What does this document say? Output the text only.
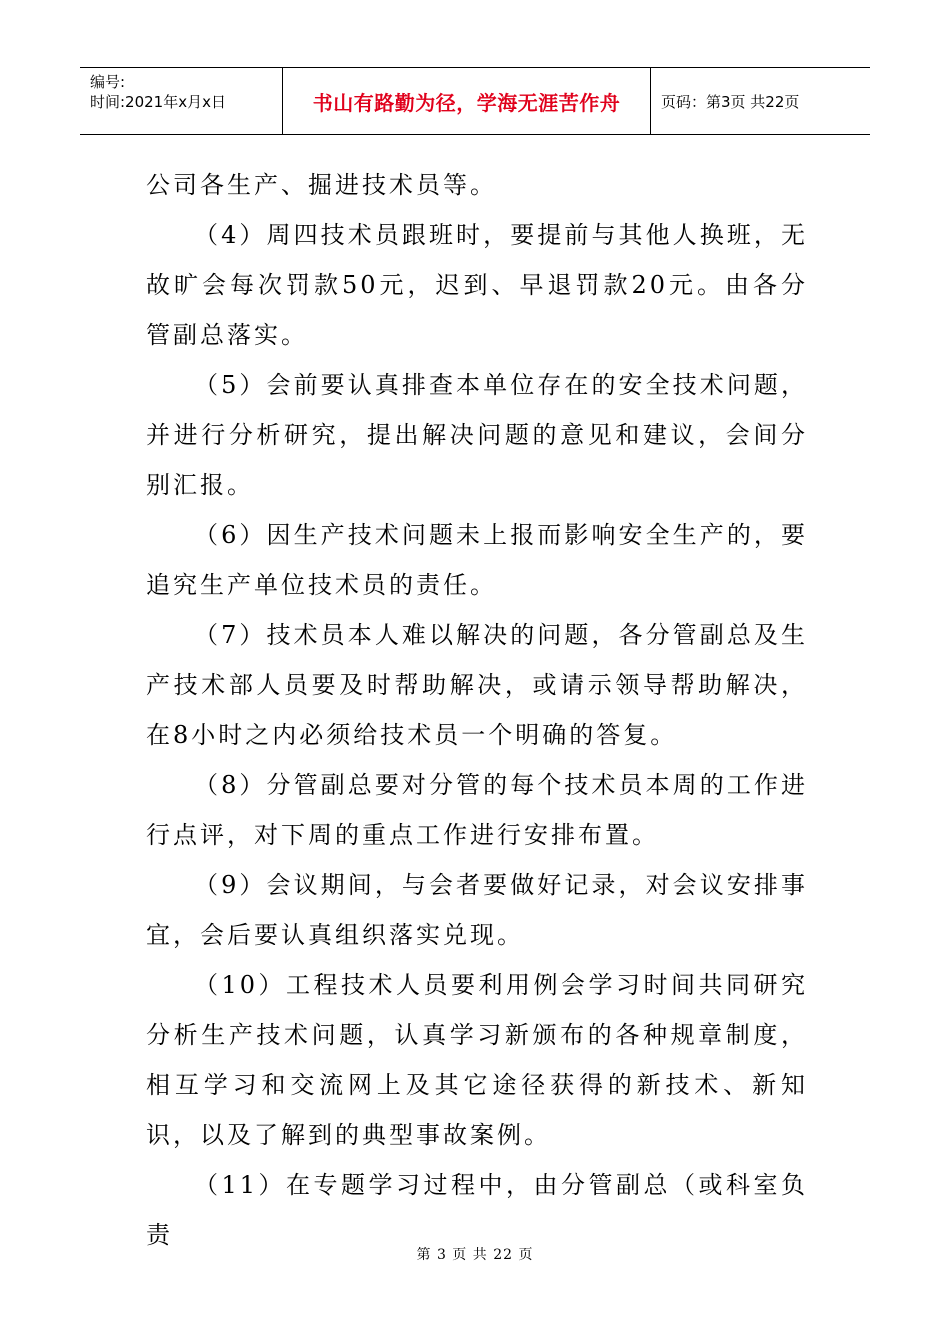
编号:
时间:2021年x月x日	书山有路勤为径，学海无涯苦作舟	页码：第3页 共22页

公司各生产、掘进技术员等。

（4）周四技术员跟班时，要提前与其他人换班，无故旷会每次罚款50元，迟到、早退罚款20元。由各分管副总落实。

（5）会前要认真排查本单位存在的安全技术问题，并进行分析研究，提出解决问题的意见和建议，会间分别汇报。

（6）因生产技术问题未上报而影响安全生产的，要追究生产单位技术员的责任。

（7）技术员本人难以解决的问题，各分管副总及生产技术部人员要及时帮助解决，或请示领导帮助解决，在8小时之内必须给技术员一个明确的答复。

（8）分管副总要对分管的每个技术员本周的工作进行点评，对下周的重点工作进行安排布置。

（9）会议期间，与会者要做好记录，对会议安排事宜，会后要认真组织落实兑现。

（10）工程技术人员要利用例会学习时间共同研究分析生产技术问题，认真学习新颁布的各种规章制度，相互学习和交流网上及其它途径获得的新技术、新知识，以及了解到的典型事故案例。

（11）在专题学习过程中，由分管副总（或科室负责

第 3 页 共 22 页
